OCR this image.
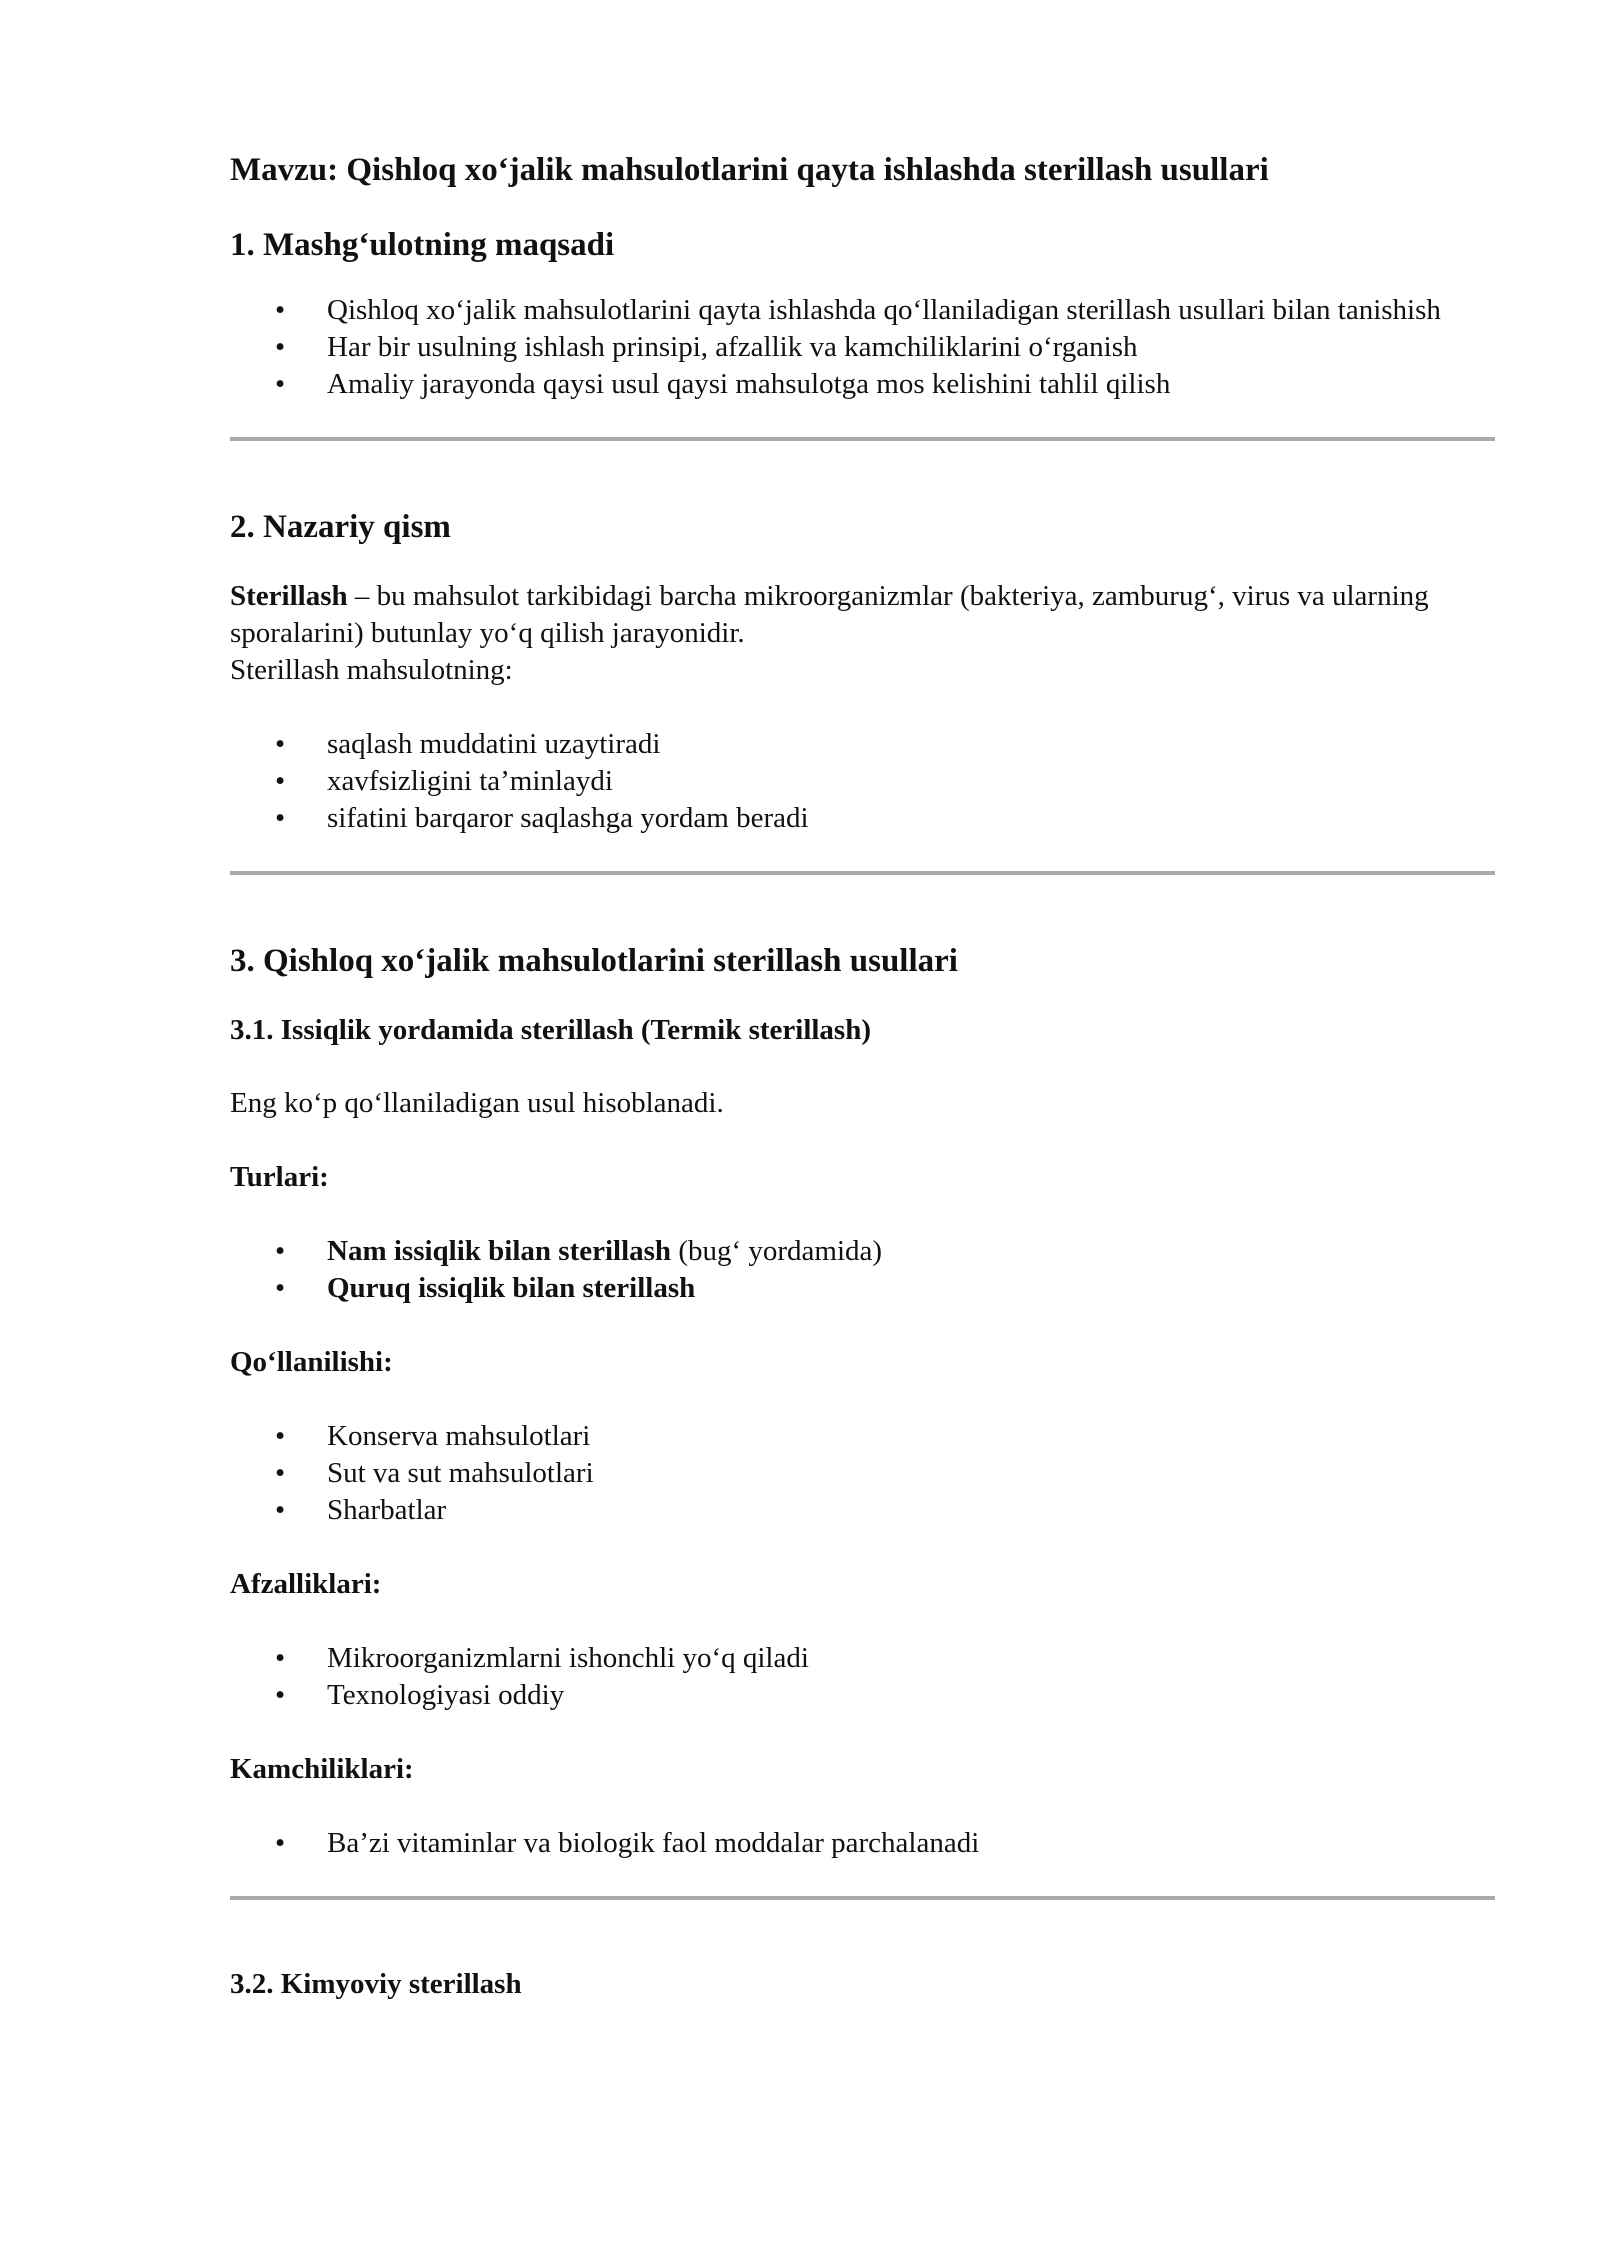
Mavzu: Qishloq xo‘jalik mahsulotlarini qayta ishlashda sterillash usullari

1. Mashg‘ulotning maqsadi

• Qishloq xo‘jalik mahsulotlarini qayta ishlashda qo‘llaniladigan sterillash usullari bilan tanishish
• Har bir usulning ishlash prinsipi, afzallik va kamchiliklarini o‘rganish
• Amaliy jarayonda qaysi usul qaysi mahsulotga mos kelishini tahlil qilish

2. Nazariy qism

Sterillash – bu mahsulot tarkibidagi barcha mikroorganizmlar (bakteriya, zamburug‘, virus va ularning sporalarini) butunlay yo‘q qilish jarayonidir.

Sterillash mahsulotning:

• saqlash muddatini uzaytiradi
• xavfsizligini ta’minlaydi
• sifatini barqaror saqlashga yordam beradi

3. Qishloq xo‘jalik mahsulotlarini sterillash usullari

3.1. Issiqlik yordamida sterillash (Termik sterillash)

Eng ko‘p qo‘llaniladigan usul hisoblanadi.

Turlari:

• Nam issiqlik bilan sterillash (bug‘ yordamida)
• Quruq issiqlik bilan sterillash

Qo‘llanilishi:

• Konserva mahsulotlari
• Sut va sut mahsulotlari
• Sharbatlar

Afzalliklari:

• Mikroorganizmlarni ishonchli yo‘q qiladi
• Texnologiyasi oddiy

Kamchiliklari:

• Ba’zi vitaminlar va biologik faol moddalar parchalanadi

3.2. Kimyoviy sterillash
